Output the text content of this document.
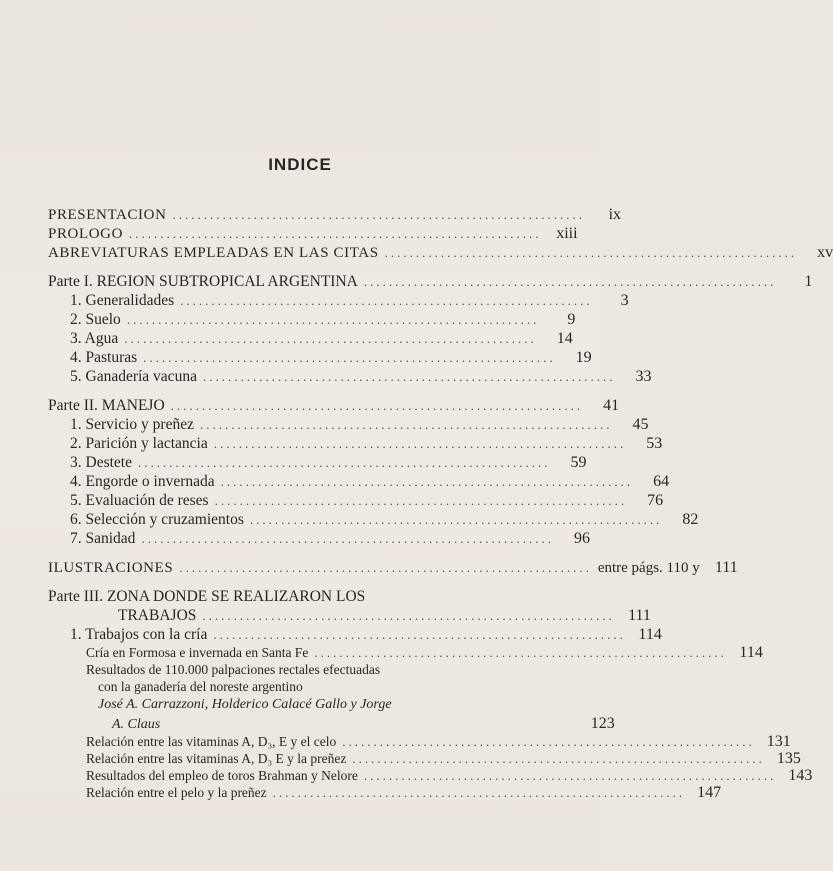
INDICE
PRESENTACION ..................................................................	ix
PROLOGO .................................................................. xiii
ABREVIATURAS EMPLEADAS EN LAS CITAS ..................................................................	xv
Parte I. REGION SUBTROPICAL ARGENTINA ..................................................................	1
1. Generalidades ..................................................................	3
2. Suelo ..................................................................	9
3. Agua ..................................................................	14
4. Pasturas ..................................................................	19
5. Ganadería vacuna ..................................................................	33
Parte II. MANEJO ..................................................................	41
1. Servicio y preñez ..................................................................	45
2. Parición y lactancia ..................................................................	53
3. Destete ..................................................................	59
4. Engorde o invernada ..................................................................	64
5. Evaluación de reses ..................................................................	76
6. Selección y cruzamientos ..................................................................	82
7. Sanidad ..................................................................	96
ILUSTRACIONES .................................................................. entre págs. 110 y 111
Parte III. ZONA DONDE SE REALIZARON LOS
TRABAJOS .................................................................. 111
1. Trabajos con la cría .................................................................. 114
Cría en Formosa e invernada en Santa Fe .................................................................. 114
Resultados de 110.000 palpaciones rectales efectuadas
con la ganadería del noreste argentino
José A. Carrazzoni, Holderico Calacé Gallo y Jorge
A. Claus	123
Relación entre las vitaminas A, D₃, E y el celo .................................................................. 131
Relación entre las vitaminas A, D₃ E y la preñez .................................................................. 135
Resultados del empleo de toros Brahman y Nelore .................................................................. 143
Relación entre el pelo y la preñez .................................................................. 147
